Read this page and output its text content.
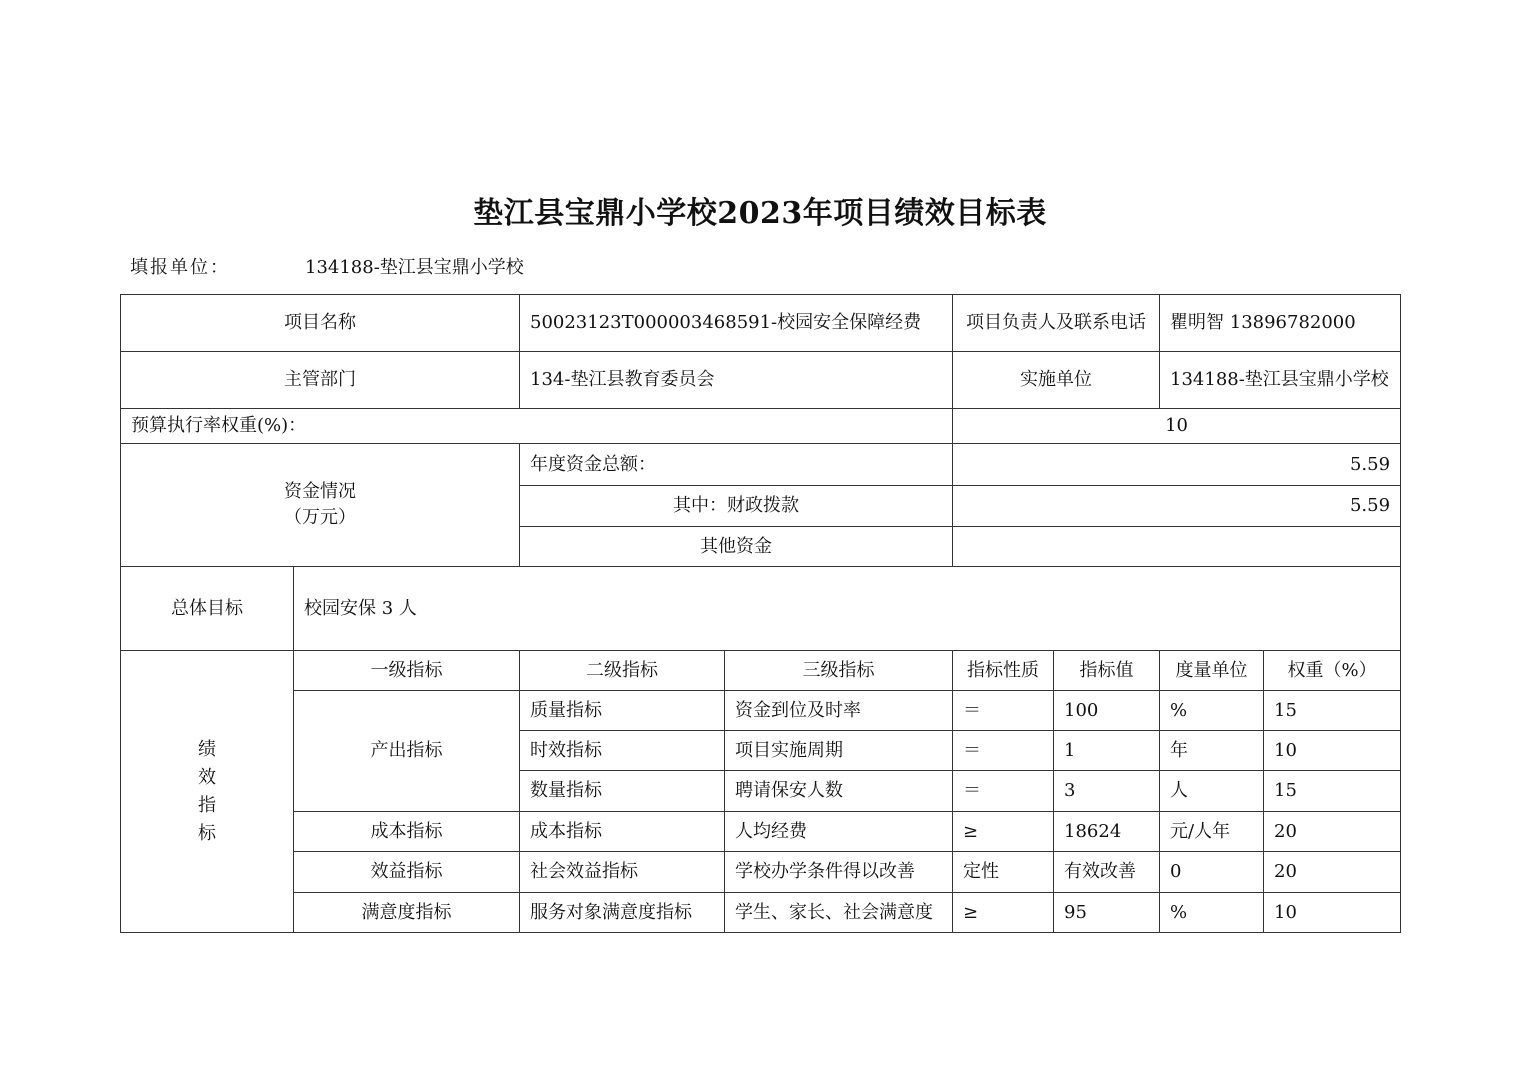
垫江县宝鼎小学校2023年项目绩效目标表
填报单位：	134188-垫江县宝鼎小学校
项目名称		50023123T000003468591-校园安全保障经费		项目负责人及联系电话		瞿明智 13896782000	
主管部门		134-垫江县教育委员会		实施单位		134188-垫江县宝鼎小学校	
预算执行率权重(%)：				10			

资金情况
（万元）		年度资金总额：		5.59			
		其中：财政拨款		5.59			
		其他资金					
总体目标	校园安保 3 人						

绩
效
指
标	一级指标	二级指标	三级指标	指标性质	指标值	度量单位	权重（%）
	产出指标	质量指标	资金到位及时率	＝	100	%	15
		时效指标	项目实施周期	＝	1	年	10
		数量指标	聘请保安人数	＝	3	人	15
	成本指标	成本指标	人均经费	≥	18624	元/人年	20
	效益指标	社会效益指标	学校办学条件得以改善	定性	有效改善	0	20
	满意度指标	服务对象满意度指标	学生、家长、社会满意度	≥	95	%	10
